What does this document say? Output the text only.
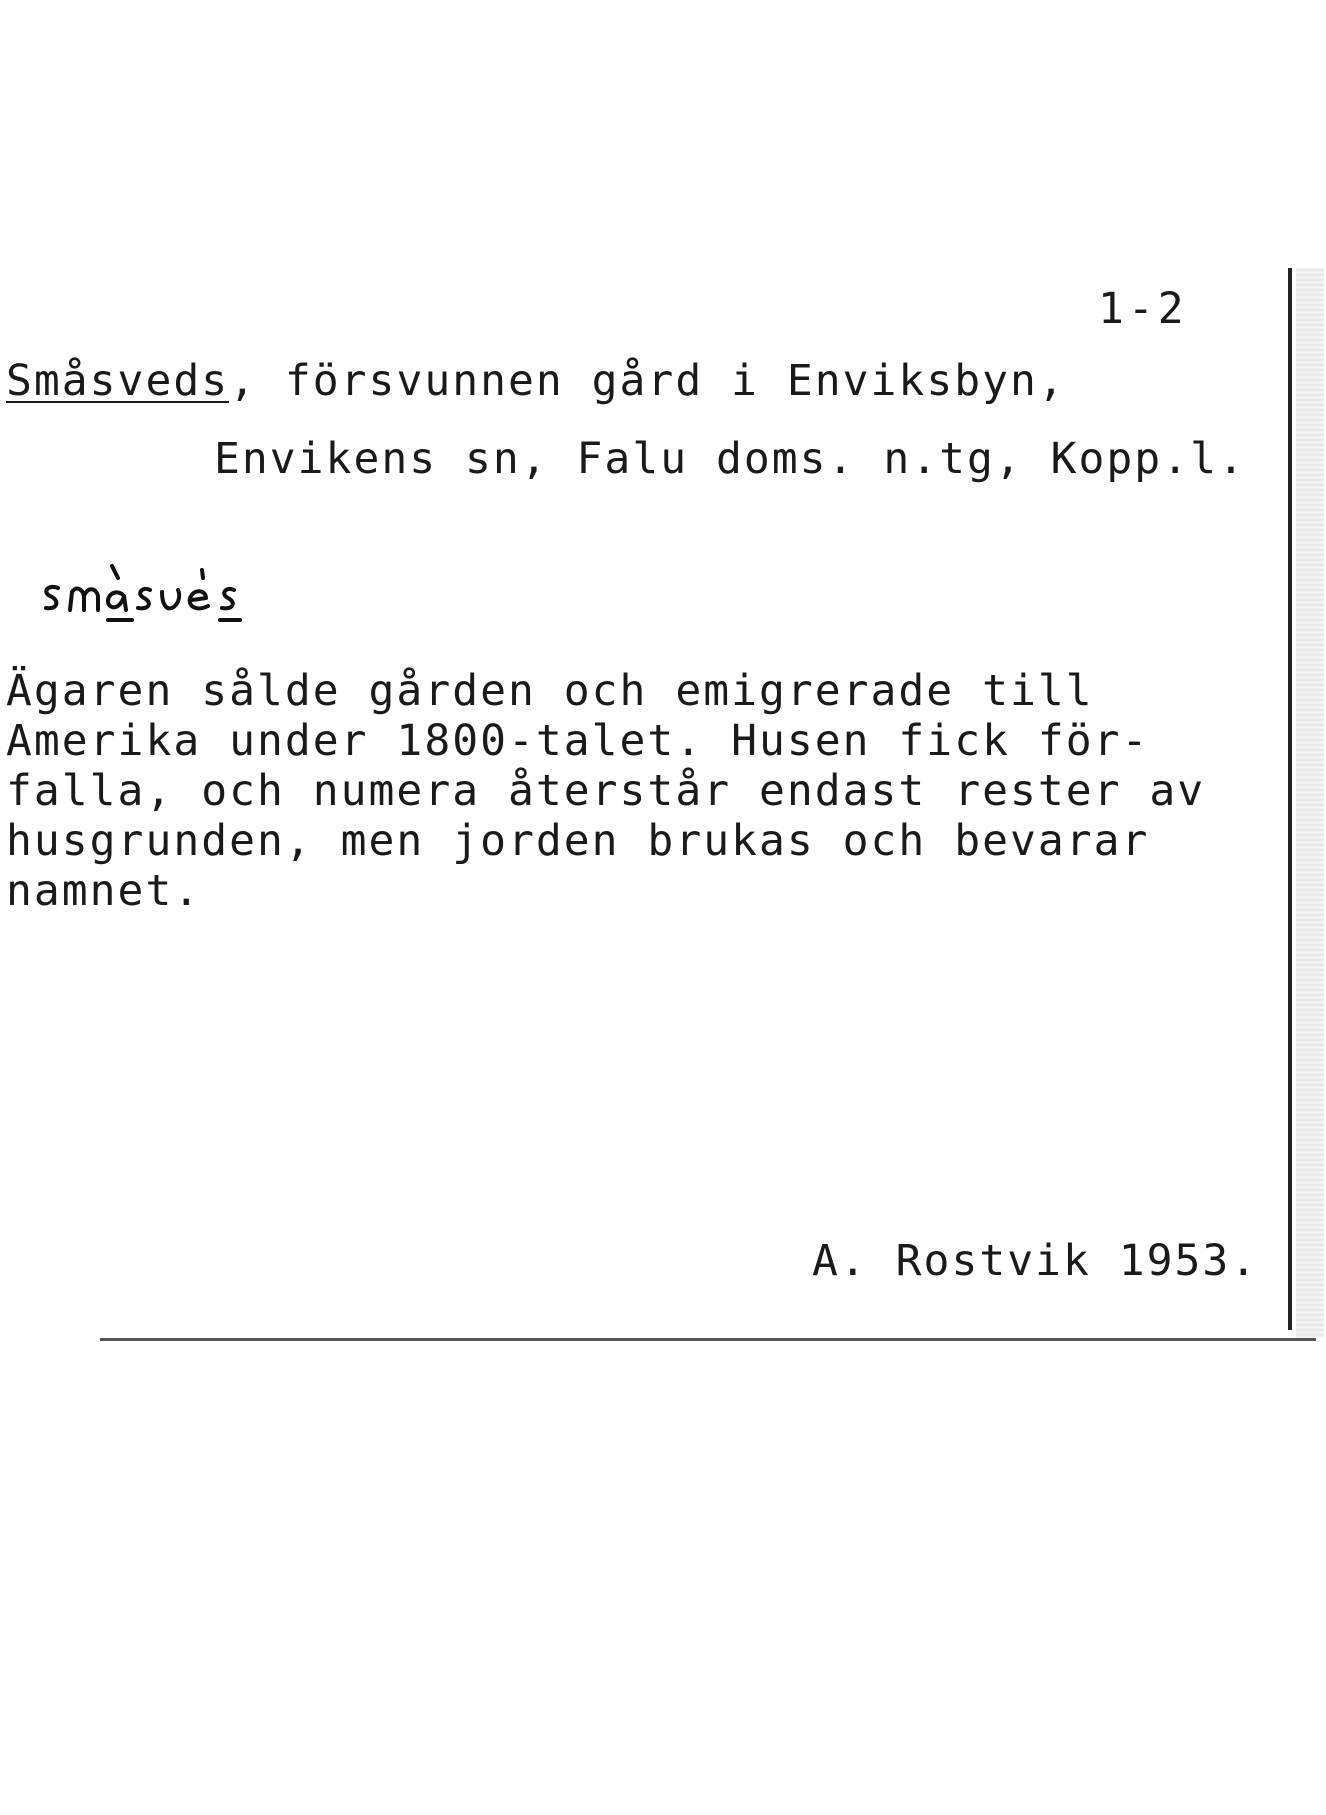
1-2
Småsveds, försvunnen gård i Enviksbyn,
Envikens sn, Falu doms. n.tg, Kopp.l.
Ägaren sålde gården och emigrerade till
Amerika under 1800-talet. Husen fick för-
falla, och numera återstår endast rester av
husgrunden, men jorden brukas och bevarar
namnet.
A. Rostvik 1953.
